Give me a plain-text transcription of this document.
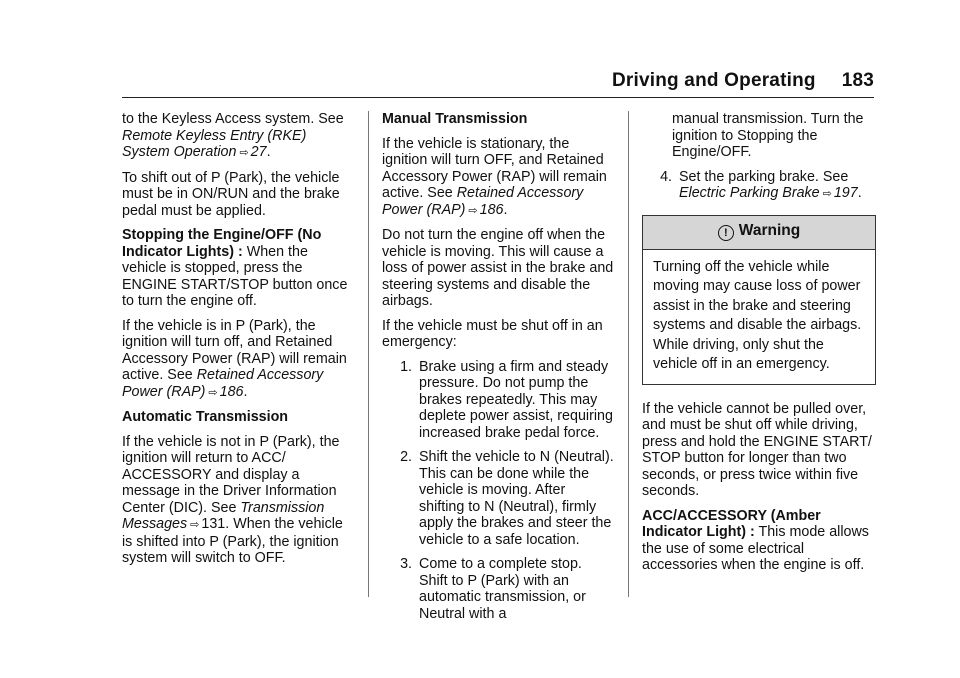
Driving and Operating 183

to the Keyless Access system. See Remote Keyless Entry (RKE) System Operation ⇨ 27.

To shift out of P (Park), the vehicle must be in ON/RUN and the brake pedal must be applied.

Stopping the Engine/OFF (No Indicator Lights) : When the vehicle is stopped, press the ENGINE START/STOP button once to turn the engine off.

If the vehicle is in P (Park), the ignition will turn off, and Retained Accessory Power (RAP) will remain active. See Retained Accessory Power (RAP) ⇨ 186.

Automatic Transmission

If the vehicle is not in P (Park), the ignition will return to ACC/ ACCESSORY and display a message in the Driver Information Center (DIC). See Transmission Messages ⇨ 131. When the vehicle is shifted into P (Park), the ignition system will switch to OFF.

Manual Transmission

If the vehicle is stationary, the ignition will turn OFF, and Retained Accessory Power (RAP) will remain active. See Retained Accessory Power (RAP) ⇨ 186.

Do not turn the engine off when the vehicle is moving. This will cause a loss of power assist in the brake and steering systems and disable the airbags.

If the vehicle must be shut off in an emergency:

1. Brake using a firm and steady pressure. Do not pump the brakes repeatedly. This may deplete power assist, requiring increased brake pedal force.
2. Shift the vehicle to N (Neutral). This can be done while the vehicle is moving. After shifting to N (Neutral), firmly apply the brakes and steer the vehicle to a safe location.
3. Come to a complete stop. Shift to P (Park) with an automatic transmission, or Neutral with a
manual transmission. Turn the ignition to Stopping the Engine/OFF.
4. Set the parking brake. See Electric Parking Brake ⇨ 197.
! Warning
Turning off the vehicle while moving may cause loss of power assist in the brake and steering systems and disable the airbags. While driving, only shut the vehicle off in an emergency.

If the vehicle cannot be pulled over, and must be shut off while driving, press and hold the ENGINE START/ STOP button for longer than two seconds, or press twice within five seconds.

ACC/ACCESSORY (Amber Indicator Light) : This mode allows the use of some electrical accessories when the engine is off.
